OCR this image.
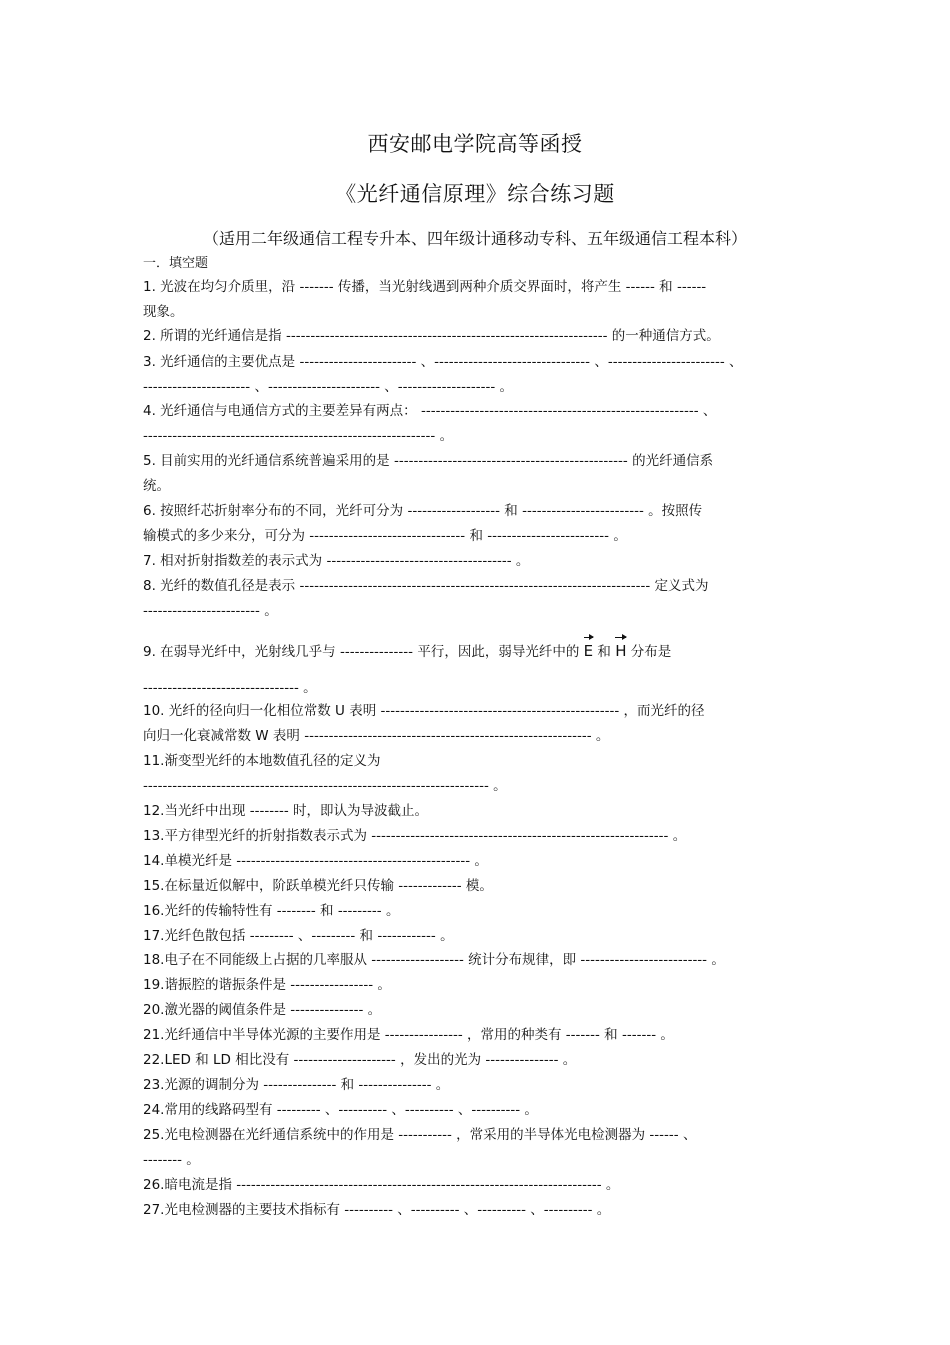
西安邮电学院高等函授
《光纤通信原理》综合练习题
（适用二年级通信工程专升本、四年级计通移动专科、五年级通信工程本科）
一．填空题
1. 光波在均匀介质里，沿 ------- 传播，当光射线遇到两种介质交界面时，将产生 ------ 和 ------
现象。
2. 所谓的光纤通信是指 ------------------------------------------------------------------ 的一种通信方式。
3. 光纤通信的主要优点是 ------------------------ 、-------------------------------- 、------------------------ 、
---------------------- 、----------------------- 、-------------------- 。
4. 光纤通信与电通信方式的主要差异有两点： --------------------------------------------------------- 、
------------------------------------------------------------ 。
5. 目前实用的光纤通信系统普遍采用的是 ------------------------------------------------ 的光纤通信系
统。
6. 按照纤芯折射率分布的不同，光纤可分为 ------------------- 和 ------------------------- 。按照传
输模式的多少来分，可分为 -------------------------------- 和 ------------------------- 。
7. 相对折射指数差的表示式为 -------------------------------------- 。
8. 光纤的数值孔径是表示 ------------------------------------------------------------------------ 定义式为
------------------------ 。
9. 在弱导光纤中，光射线几乎与 --------------- 平行，因此，弱导光纤中的 E 和 H 分布是
-------------------------------- 。
10. 光纤的径向归一化相位常数 U 表明 ------------------------------------------------- ，而光纤的径
向归一化衰减常数 W 表明 ----------------------------------------------------------- 。
11.渐变型光纤的本地数值孔径的定义为
----------------------------------------------------------------------- 。
12.当光纤中出现 -------- 时，即认为导波截止。
13.平方律型光纤的折射指数表示式为 ------------------------------------------------------------- 。
14.单模光纤是 ------------------------------------------------ 。
15.在标量近似解中，阶跃单模光纤只传输 ------------- 模。
16.光纤的传输特性有 -------- 和 --------- 。
17.光纤色散包括 --------- 、--------- 和 ------------ 。
18.电子在不同能级上占据的几率服从 ------------------- 统计分布规律，即 -------------------------- 。
19.谐振腔的谐振条件是 ----------------- 。
20.激光器的阈值条件是 --------------- 。
21.光纤通信中半导体光源的主要作用是 ---------------- ，常用的种类有 ------- 和 ------- 。
22.LED 和 LD 相比没有 --------------------- ，发出的光为 --------------- 。
23.光源的调制分为 --------------- 和 --------------- 。
24.常用的线路码型有 --------- 、---------- 、---------- 、---------- 。
25.光电检测器在光纤通信系统中的作用是 ----------- ，常采用的半导体光电检测器为 ------ 、
-------- 。
26.暗电流是指 --------------------------------------------------------------------------- 。
27.光电检测器的主要技术指标有 ---------- 、---------- 、---------- 、---------- 。
